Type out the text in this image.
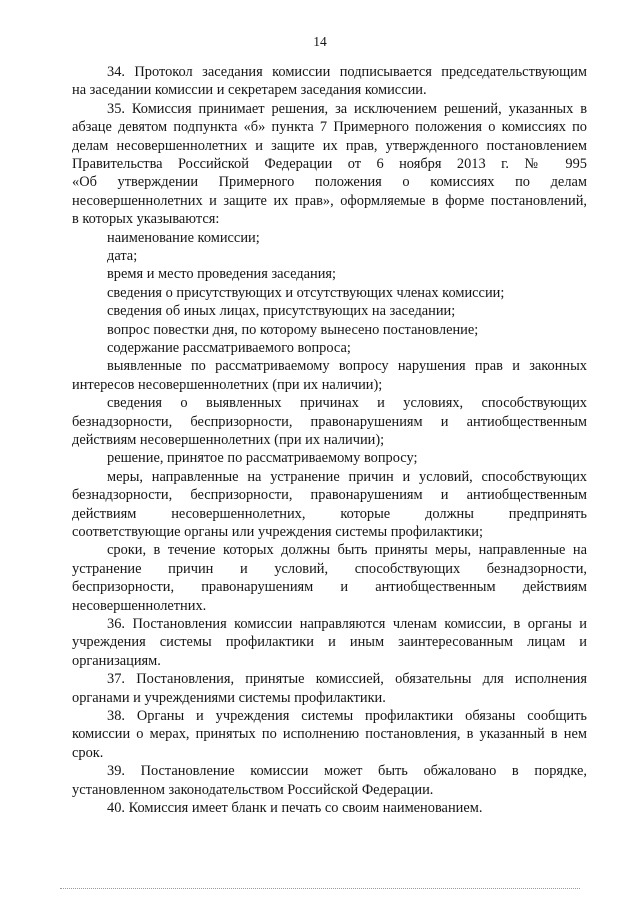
14
34. Протокол заседания комиссии подписывается председательствующим
на заседании комиссии и секретарем заседания комиссии.
35. Комиссия принимает решения, за исключением решений, указанных в
абзаце девятом подпункта «б» пункта 7 Примерного положения о комиссиях по
делам несовершеннолетних и защите их прав, утвержденного постановлением
Правительства Российской Федерации от 6 ноября 2013 г. № 995
«Об утверждении Примерного положения о комиссиях по делам
несовершеннолетних и защите их прав», оформляемые в форме постановлений,
в которых указываются:
наименование комиссии;
дата;
время и место проведения заседания;
сведения о присутствующих и отсутствующих членах комиссии;
сведения об иных лицах, присутствующих на заседании;
вопрос повестки дня, по которому вынесено постановление;
содержание рассматриваемого вопроса;
выявленные по рассматриваемому вопросу нарушения прав и законных
интересов несовершеннолетних (при их наличии);
сведения о выявленных причинах и условиях, способствующих
безнадзорности, беспризорности, правонарушениям и антиобщественным
действиям несовершеннолетних (при их наличии);
решение, принятое по рассматриваемому вопросу;
меры, направленные на устранение причин и условий, способствующих
безнадзорности, беспризорности, правонарушениям и антиобщественным
действиям несовершеннолетних, которые должны предпринять
соответствующие органы или учреждения системы профилактики;
сроки, в течение которых должны быть приняты меры, направленные на
устранение причин и условий, способствующих безнадзорности,
беспризорности, правонарушениям и антиобщественным действиям
несовершеннолетних.
36. Постановления комиссии направляются членам комиссии, в органы и
учреждения системы профилактики и иным заинтересованным лицам и
организациям.
37. Постановления, принятые комиссией, обязательны для исполнения
органами и учреждениями системы профилактики.
38. Органы и учреждения системы профилактики обязаны сообщить
комиссии о мерах, принятых по исполнению постановления, в указанный в нем
срок.
39. Постановление комиссии может быть обжаловано в порядке,
установленном законодательством Российской Федерации.
40. Комиссия имеет бланк и печать со своим наименованием.
